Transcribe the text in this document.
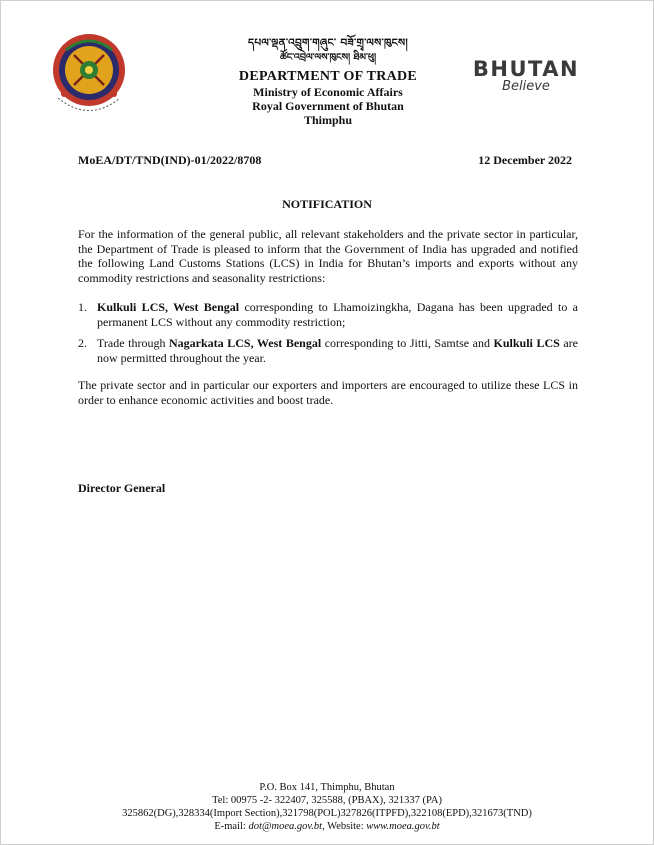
དཔལ་ལྡན་འབྲུག་གཞུང་ བཟོ་གྲྭ་ལས་ཁུངས།
ཚོང་འབྲེལ་ལས་ཁུངས། ཐིམ་ཕུ།
DEPARTMENT OF TRADE
Ministry of Economic Affairs
Royal Government of Bhutan
Thimphu
BHUTAN
Believe
MoEA/DT/TND(IND)-01/2022/8708	12 December 2022
NOTIFICATION
For the information of the general public, all relevant stakeholders and the private sector in particular, the Department of Trade is pleased to inform that the Government of India has upgraded and notified the following Land Customs Stations (LCS) in India for Bhutan’s imports and exports without any commodity restrictions and seasonality restrictions:
1. Kulkuli LCS, West Bengal corresponding to Lhamoizingkha, Dagana has been upgraded to a permanent LCS without any commodity restriction;
2. Trade through Nagarkata LCS, West Bengal corresponding to Jitti, Samtse and Kulkuli LCS are now permitted throughout the year.
The private sector and in particular our exporters and importers are encouraged to utilize these LCS in order to enhance economic activities and boost trade.
Director General
P.O. Box 141, Thimphu, Bhutan
Tel: 00975 -2- 322407, 325588, (PBAX), 321337 (PA)
325862(DG),328334(Import Section),321798(POL)327826(ITPFD),322108(EPD),321673(TND)
E-mail: dot@moea.gov.bt, Website: www.moea.gov.bt
